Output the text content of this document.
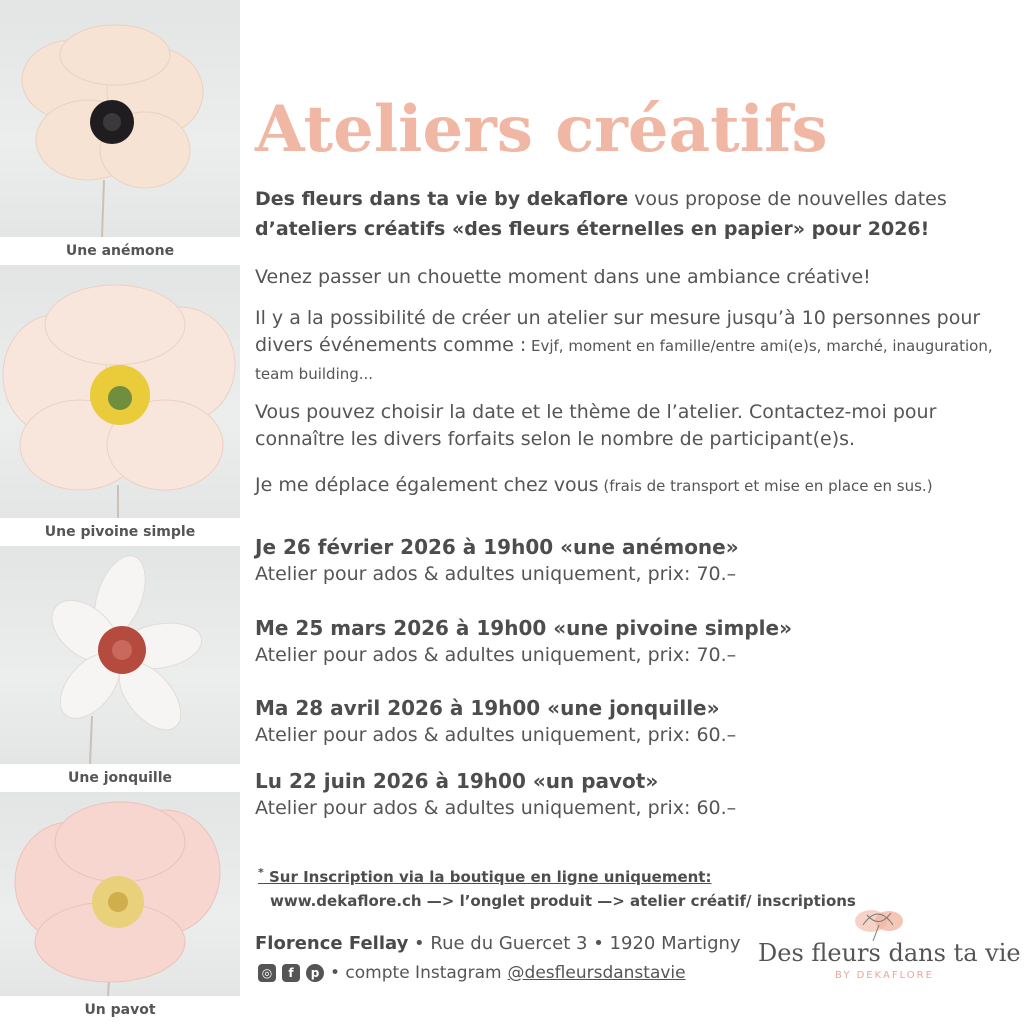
Une anémone
Une pivoine simple
Une jonquille
Un pavot
Ateliers créatifs
Des fleurs dans ta vie by dekaflore vous propose de nouvelles dates
d’ateliers créatifs «des fleurs éternelles en papier» pour 2026!
Venez passer un chouette moment dans une ambiance créative!
Il y a la possibilité de créer un atelier sur mesure jusqu’à 10 personnes pour divers événements comme : Evjf, moment en famille/entre ami(e)s, marché, inauguration, team building...
Vous pouvez choisir la date et le thème de l’atelier. Contactez-moi pour connaître les divers forfaits selon le nombre de participant(e)s.
Je me déplace également chez vous (frais de transport et mise en place en sus.)
Je 26 février 2026 à 19h00 «une anémone»
Atelier pour ados & adultes uniquement, prix: 70.–
Me 25 mars 2026 à 19h00 «une pivoine simple»
Atelier pour ados & adultes uniquement, prix: 70.–
Ma 28 avril 2026 à 19h00 «une jonquille»
Atelier pour ados & adultes uniquement, prix: 60.–
Lu 22 juin 2026 à 19h00 «un pavot»
Atelier pour ados & adultes uniquement, prix: 60.–
* Sur Inscription via la boutique en ligne uniquement:
www.dekaflore.ch —> l’onglet produit —> atelier créatif/ inscriptions
Florence Fellay • Rue du Guercet 3 • 1920 Martigny
◎	f	p • compte Instagram @desfleursdanstavie
Des fleurs dans ta vie
BY DEKAFLORE
